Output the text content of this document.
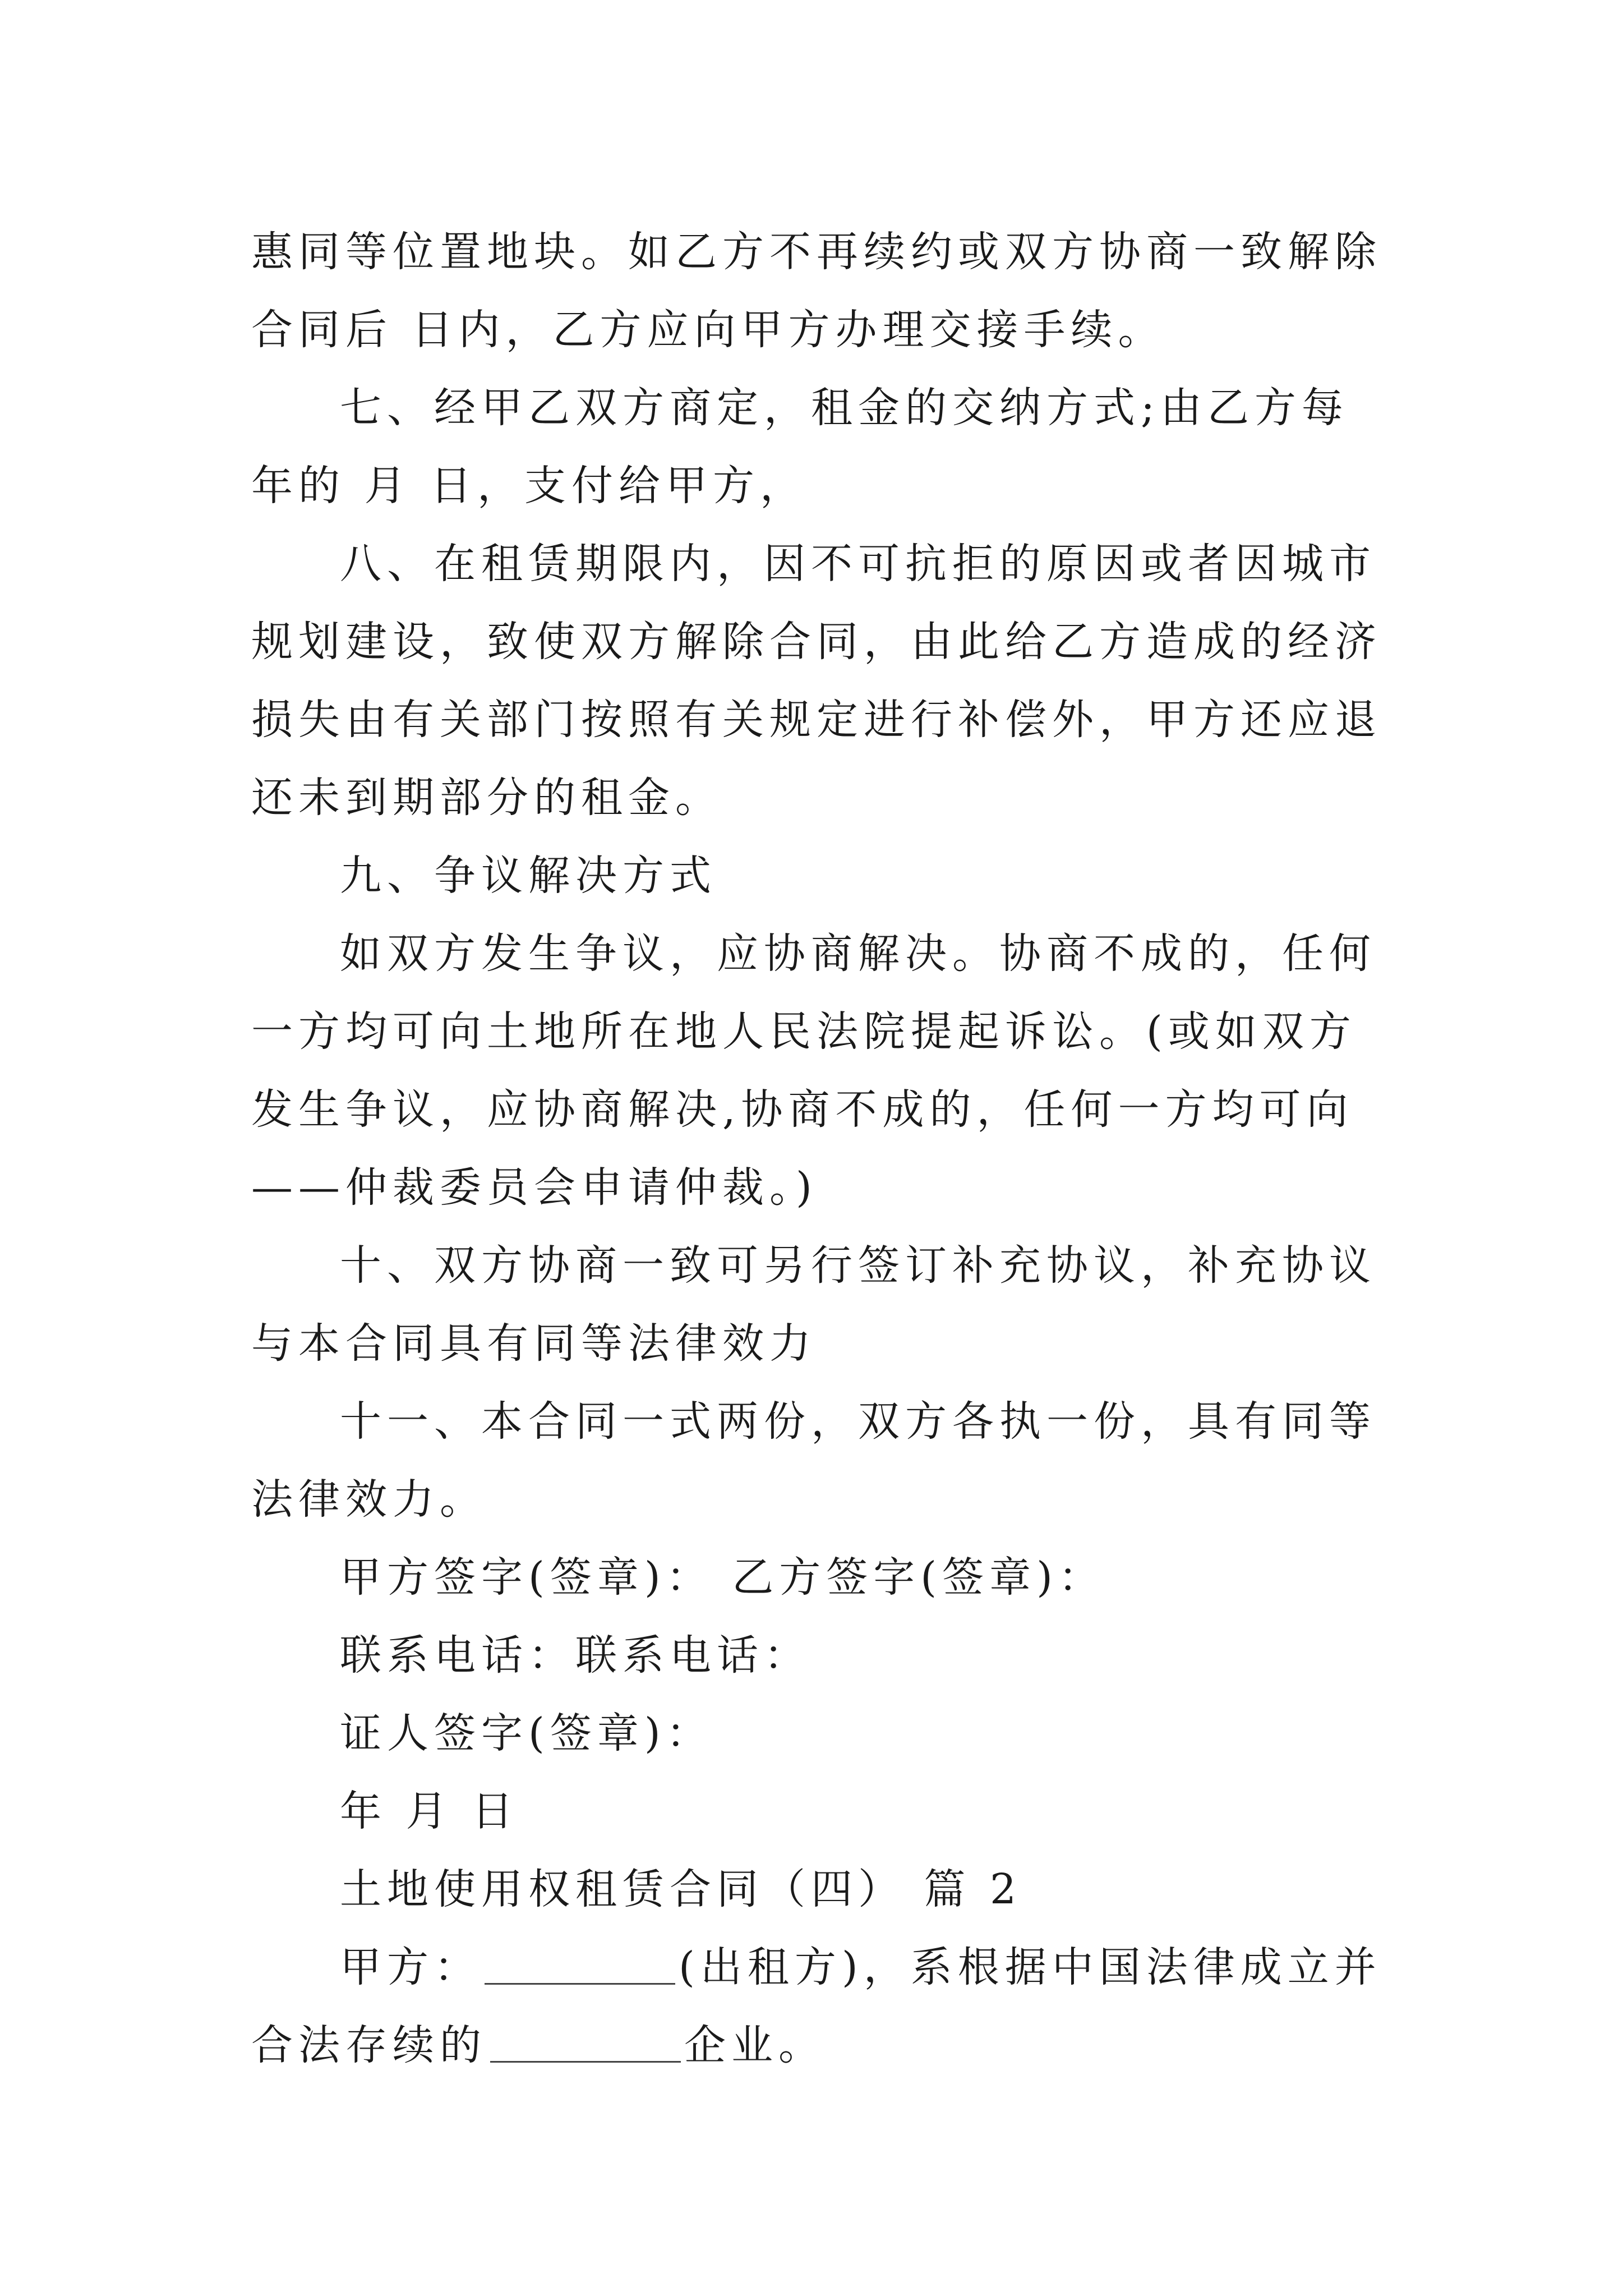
惠同等位置地块。如乙方不再续约或双方协商一致解除合同后 日内，乙方应向甲方办理交接手续。

七、经甲乙双方商定，租金的交纳方式;由乙方每年的 月 日，支付给甲方，

八、在租赁期限内，因不可抗拒的原因或者因城市规划建设，致使双方解除合同，由此给乙方造成的经济损失由有关部门按照有关规定进行补偿外，甲方还应退还未到期部分的租金。

九、争议解决方式

如双方发生争议，应协商解决。协商不成的，任何一方均可向土地所在地人民法院提起诉讼。(或如双方发生争议，应协商解决,协商不成的，任何一方均可向——仲裁委员会申请仲裁。)

十、双方协商一致可另行签订补充协议，补充协议与本合同具有同等法律效力

十一、本合同一式两份，双方各执一份，具有同等法律效力。

甲方签字(签章)： 乙方签字(签章)：

联系电话：联系电话：

证人签字(签章)：

年 月 日

土地使用权租赁合同（四） 篇 2

甲方：	(出租方)，系根据中国法律成立并合法存续的	企业。
